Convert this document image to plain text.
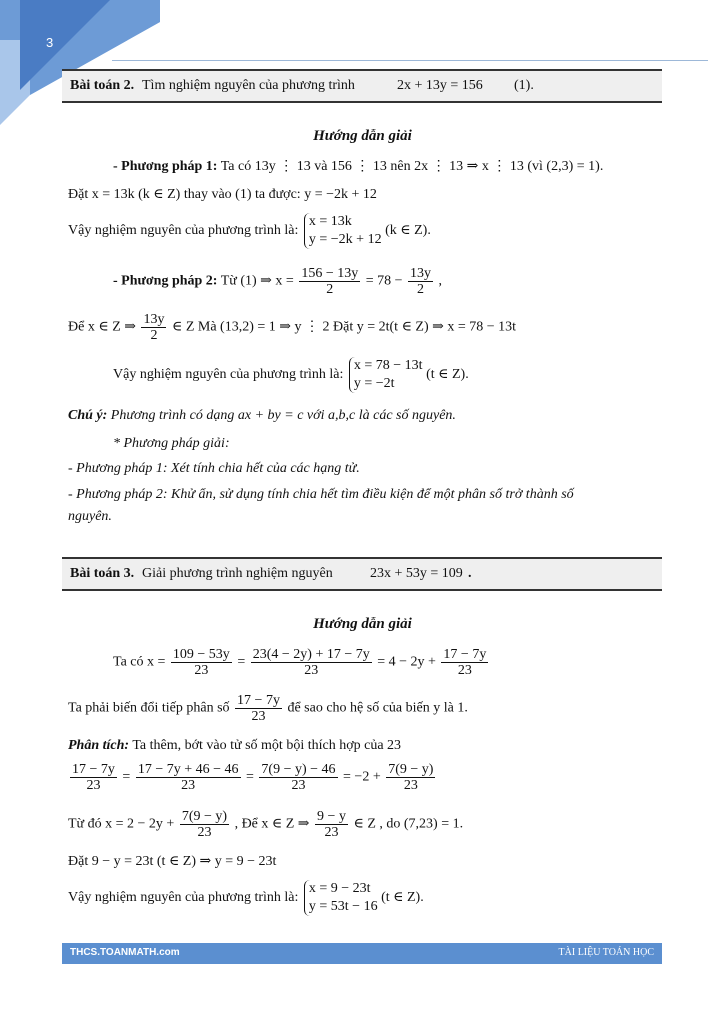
3
Bài toán 2. Tìm nghiệm nguyên của phương trình	2x + 13y = 156 (1).
Hướng dẫn giải
- Phương pháp 1: Ta có 13y ⋮ 13 và 156 ⋮ 13 nên 2x ⋮ 13 ⇒ x ⋮ 13 (vì (2,3) = 1).
Đặt x = 13k (k ∈ Z) thay vào (1) ta được: y = −2k + 12
Vậy nghiệm nguyên của phương trình là:
x = 13k
y = −2k + 12
(k ∈ Z).
- Phương pháp 2: Từ (1) ⇒ $x = \frac{156 - 13y}{2} = 78 - \frac{13y}{2}$ ,
Để x ∈ Z ⇒ $\frac{13y}{2}$ ∈ Z Mà (13,2) = 1 ⇒ y ⋮ 2 Đặt y = 2t(t ∈ Z) ⇒ x = 78 − 13t
Vậy nghiệm nguyên của phương trình là:
x = 78 − 13t
y = −2t
(t ∈ Z).
Chú ý: Phương trình có dạng ax + by = c với a,b,c là các số nguyên.
* Phương pháp giải:
- Phương pháp 1: Xét tính chia hết của các hạng tử.
- Phương pháp 2: Khử ẩn, sử dụng tính chia hết tìm điều kiện để một phân số trở thành số
nguyên.
Bài toán 3. Giải phương trình nghiệm nguyên	23x + 53y = 109 .
Hướng dẫn giải
Ta có $x = \frac{109 - 53y}{23} = \frac{23(4 - 2y) + 17 - 7y}{23} = 4 - 2y + \frac{17 - 7y}{23}$
Ta phải biến đổi tiếp phân số $\frac{17 - 7y}{23}$ để sao cho hệ số của biến y là 1.
Phân tích: Ta thêm, bớt vào tử số một bội thích hợp của 23
$\frac{17 - 7y}{23} = \frac{17 - 7y + 46 - 46}{23} = \frac{7(9 - y) - 46}{23} = -2 + \frac{7(9 - y)}{23}$
Từ đó $x = 2 - 2y + \frac{7(9 - y)}{23}$ , Để x ∈ Z ⇒ $\frac{9 - y}{23}$ ∈ Z , do (7,23) = 1.
Đặt 9 − y = 23t (t ∈ Z) ⇒ y = 9 − 23t
Vậy nghiệm nguyên của phương trình là:
x = 9 − 23t
y = 53t − 16
(t ∈ Z).
THCS.TOANMATH.com	TÀI LIỆU TOÁN HỌC
